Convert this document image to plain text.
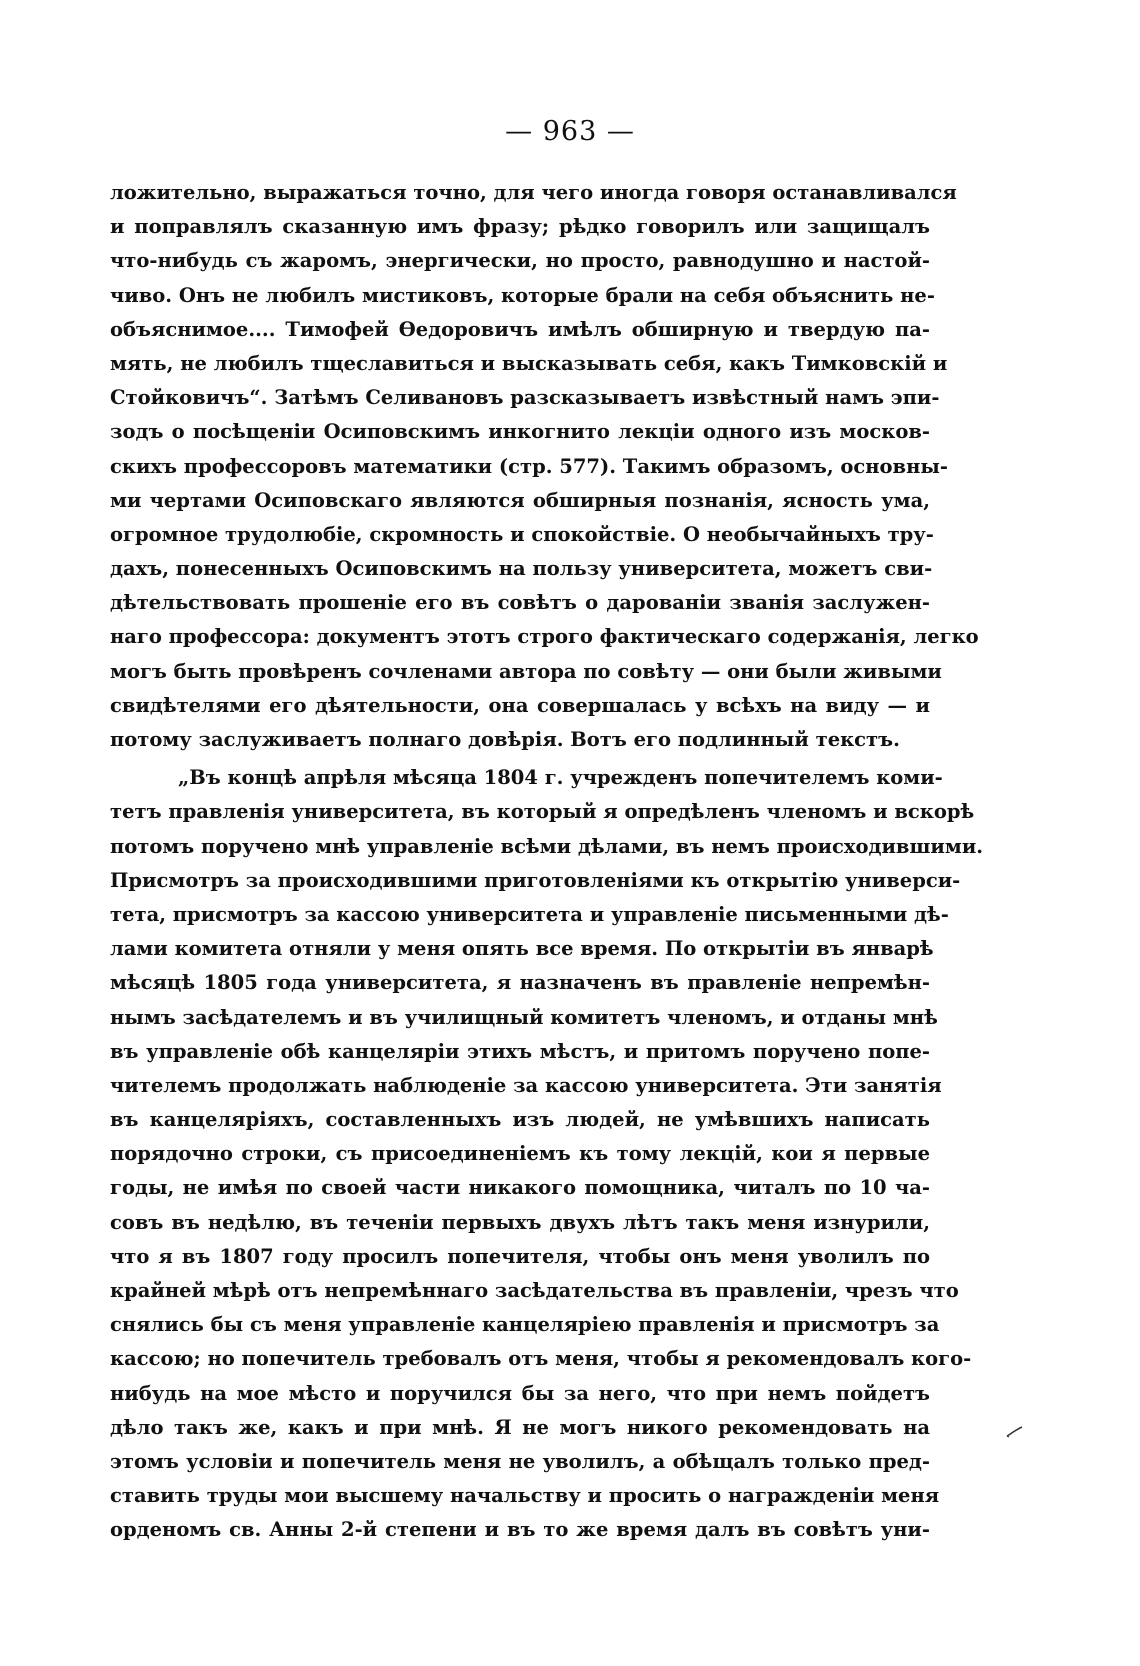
— 963 —
ложительно, выражаться точно, для чего иногда говоря останавливался
и поправлялъ сказанную имъ фразу; рѣдко говорилъ или защищалъ
что-нибудь съ жаромъ, энергически, но просто, равнодушно и настой-
чиво. Онъ не любилъ мистиковъ, которые брали на себя объяснить не-
объяснимое.... Тимофей Ѳедоровичъ имѣлъ обширную и твердую па-
мять, не любилъ тщеславиться и высказывать себя, какъ Тимковскій и
Стойковичъ“. Затѣмъ Селивановъ разсказываетъ извѣстный намъ эпи-
зодъ о посѣщеніи Осиповскимъ инкогнито лекціи одного изъ москов-
скихъ профессоровъ математики (стр. 577). Такимъ образомъ, основны-
ми чертами Осиповскаго являются обширныя познанія, ясность ума,
огромное трудолюбіе, скромность и спокойствіе. О необычайныхъ тру-
дахъ, понесенныхъ Осиповскимъ на пользу университета, можетъ сви-
дѣтельствовать прошеніе его въ совѣтъ о дарованіи званія заслужен-
наго профессора: документъ этотъ строго фактическаго содержанія, легко
могъ быть провѣренъ сочленами автора по совѣту — они были живыми
свидѣтелями его дѣятельности, она совершалась у всѣхъ на виду — и
потому заслуживаетъ полнаго довѣрія. Вотъ его подлинный текстъ.
„Въ концѣ апрѣля мѣсяца 1804 г. учрежденъ попечителемъ коми-
тетъ правленія университета, въ который я опредѣленъ членомъ и вскорѣ
потомъ поручено мнѣ управленіе всѣми дѣлами, въ немъ происходившими.
Присмотръ за происходившими приготовленіями къ открытію универси-
тета, присмотръ за кассою университета и управленіе письменными дѣ-
лами комитета отняли у меня опять все время. По открытіи въ январѣ
мѣсяцѣ 1805 года университета, я назначенъ въ правленіе непремѣн-
нымъ засѣдателемъ и въ училищный комитетъ членомъ, и отданы мнѣ
въ управленіе обѣ канцеляріи этихъ мѣстъ, и притомъ поручено попе-
чителемъ продолжать наблюденіе за кассою университета. Эти занятія
въ канцеляріяхъ, составленныхъ изъ людей, не умѣвшихъ написать
порядочно строки, съ присоединеніемъ къ тому лекцій, кои я первые
годы, не имѣя по своей части никакого помощника, читалъ по 10 ча-
совъ въ недѣлю, въ теченіи первыхъ двухъ лѣтъ такъ меня изнурили,
что я въ 1807 году просилъ попечителя, чтобы онъ меня уволилъ по
крайней мѣрѣ отъ непремѣннаго засѣдательства въ правленіи, чрезъ что
снялись бы съ меня управленіе канцеляріею правленія и присмотръ за
кассою; но попечитель требовалъ отъ меня, чтобы я рекомендовалъ кого-
нибудь на мое мѣсто и поручился бы за него, что при немъ пойдетъ
дѣло такъ же, какъ и при мнѣ. Я не могъ никого рекомендовать на
этомъ условіи и попечитель меня не уволилъ, а обѣщалъ только пред-
ставить труды мои высшему начальству и просить о награжденіи меня
орденомъ св. Анны 2-й степени и въ то же время далъ въ совѣтъ уни-
